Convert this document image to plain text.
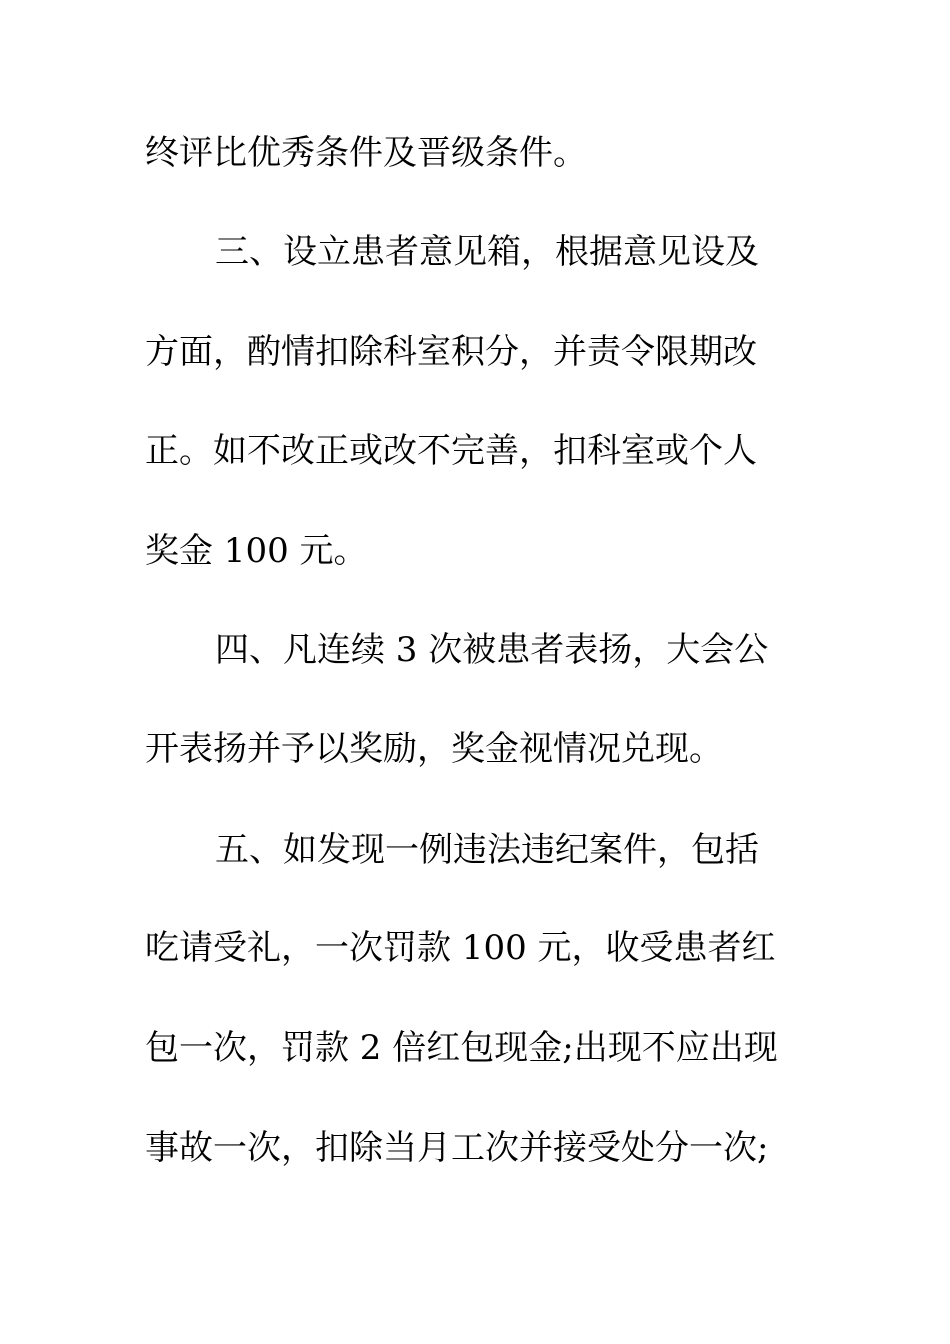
终评比优秀条件及晋级条件。
三、设立患者意见箱，根据意见设及
方面，酌情扣除科室积分，并责令限期改
正。如不改正或改不完善，扣科室或个人
奖金 100 元。
四、凡连续 3 次被患者表扬，大会公
开表扬并予以奖励，奖金视情况兑现。
五、如发现一例违法违纪案件，包括
吃请受礼，一次罚款 100 元，收受患者红
包一次，罚款 2 倍红包现金;出现不应出现
事故一次，扣除当月工次并接受处分一次;
